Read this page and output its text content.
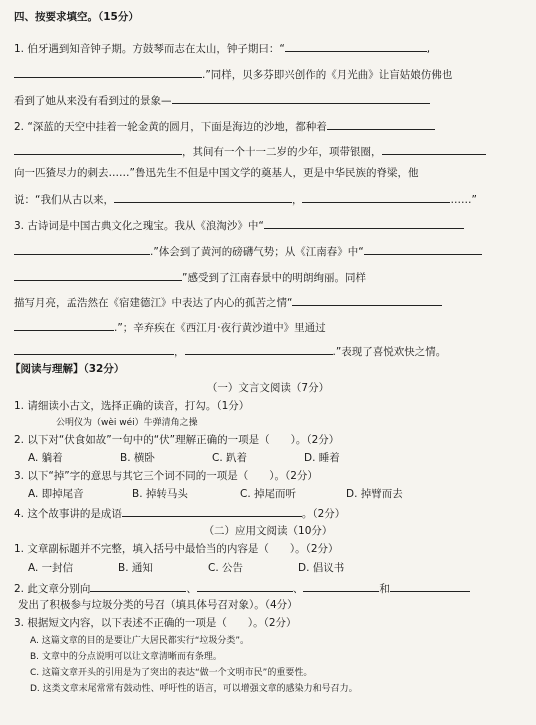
四、按要求填空。（15分）
1. 伯牙遇到知音钟子期。方鼓琴而志在太山，钟子期曰：“	,
.”同样，贝多芬即兴创作的《月光曲》让盲姑娘仿佛也
看到了她从来没有看到过的景象—
2. “深蓝的天空中挂着一轮金黄的圆月，下面是海边的沙地，都种着
，其间有一个十一二岁的少年，项带银圈，
向一匹猹尽力的刺去……”鲁迅先生不但是中国文学的奠基人，更是中华民族的脊梁，他
说：“我们从古以来，	，	……”
3. 古诗词是中国古典文化之瑰宝。我从《浪淘沙》中“
.”体会到了黄河的磅礴气势；从《江南春》中“
”感受到了江南春景中的明朗绚丽。同样
描写月亮，孟浩然在《宿建德江》中表达了内心的孤苦之情“
.”；辛弃疾在《西江月·夜行黄沙道中》里通过
，	.”表现了喜悦欢快之情。
【阅读与理解】（32分）
（一）文言文阅读（7分）
1. 请细读小古文，选择正确的读音，打勾。（1分）
公明仪为（wèi wéi）牛弹清角之操
2. 以下对“伏食如故”一句中的“伏”理解正确的一项是（　　）。（2分）
A. 躺着	B. 横卧	C. 趴着	D. 睡着
3. 以下“掉”字的意思与其它三个词不同的一项是（　　）。（2分）
A. 即掉尾音	B. 掉转马头	C. 掉尾而听	D. 掉臂而去
4. 这个故事讲的是成语	。（2分）
（二）应用文阅读（10分）
1. 文章副标题并不完整，填入括号中最恰当的内容是（　　）。（2分）
A. 一封信	B. 通知	C. 公告	D. 倡议书
2. 此文章分别向	、	、	和
发出了积极参与垃圾分类的号召（填具体号召对象）。（4分）
3. 根据短文内容，以下表述不正确的一项是（　　）。（2分）
A. 这篇文章的目的是要让广大居民都实行“垃圾分类”。
B. 文章中的分点说明可以让文章清晰而有条理。
C. 这篇文章开头的引用是为了突出的表达“做一个文明市民”的重要性。
D. 这类文章末尾常常有鼓动性、呼吁性的语言，可以增强文章的感染力和号召力。
